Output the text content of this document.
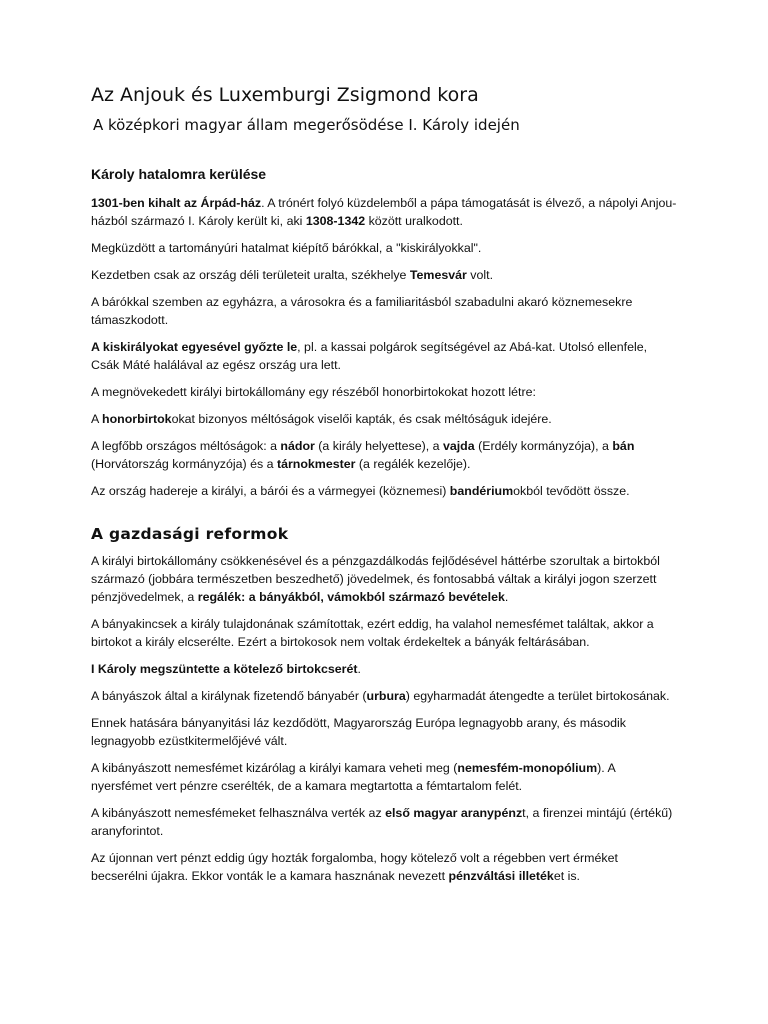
Az Anjouk és Luxemburgi Zsigmond kora
A középkori magyar állam megerősödése I. Károly idején
Károly hatalomra kerülése

1301-ben kihalt az Árpád-ház. A trónért folyó küzdelemből a pápa támogatását is élvező, a nápolyi Anjou-házból származó I. Károly került ki, aki 1308-1342 között uralkodott.

Megküzdött a tartományúri hatalmat kiépítő bárókkal, a "kiskirályokkal".

Kezdetben csak az ország déli területeit uralta, székhelye Temesvár volt.

A bárókkal szemben az egyházra, a városokra és a familiaritásból szabadulni akaró köznemesekre támaszkodott.

A kiskirályokat egyesével győzte le, pl. a kassai polgárok segítségével az Abá-kat. Utolsó ellenfele, Csák Máté halálával az egész ország ura lett.

A megnövekedett királyi birtokállomány egy részéből honorbirtokokat hozott létre:

A honorbirtokokat bizonyos méltóságok viselői kapták, és csak méltóságuk idejére.

A legfőbb országos méltóságok: a nádor (a király helyettese), a vajda (Erdély kormányzója), a bán (Horvátország kormányzója) és a tárnokmester (a regálék kezelője).

Az ország hadereje a királyi, a bárói és a vármegyei (köznemesi) bandériumokból tevődött össze.

A gazdasági reformok

A királyi birtokállomány csökkenésével és a pénzgazdálkodás fejlődésével háttérbe szorultak a birtokból származó (jobbára természetben beszedhető) jövedelmek, és fontosabbá váltak a királyi jogon szerzett pénzjövedelmek, a regálék: a bányákból, vámokból származó bevételek.

A bányakincsek a király tulajdonának számítottak, ezért eddig, ha valahol nemesfémet találtak, akkor a birtokot a király elcserélte. Ezért a birtokosok nem voltak érdekeltek a bányák feltárásában.

I Károly megszüntette a kötelező birtokcserét.

A bányászok által a királynak fizetendő bányabér (urbura) egyharmadát átengedte a terület birtokosának.

Ennek hatására bányanyitási láz kezdődött, Magyarország Európa legnagyobb arany, és második legnagyobb ezüstkitermelőjévé vált.

A kibányászott nemesfémet kizárólag a királyi kamara veheti meg (nemesfém-monopólium). A nyersfémet vert pénzre cserélték, de a kamara megtartotta a fémtartalom felét.

A kibányászott nemesfémeket felhasználva verték az első magyar aranypénzt, a firenzei mintájú (értékű) aranyforintot.

Az újonnan vert pénzt eddig úgy hozták forgalomba, hogy kötelező volt a régebben vert érméket becserélni újakra. Ekkor vonták le a kamara hasznának nevezett pénzváltási illetéket is.
